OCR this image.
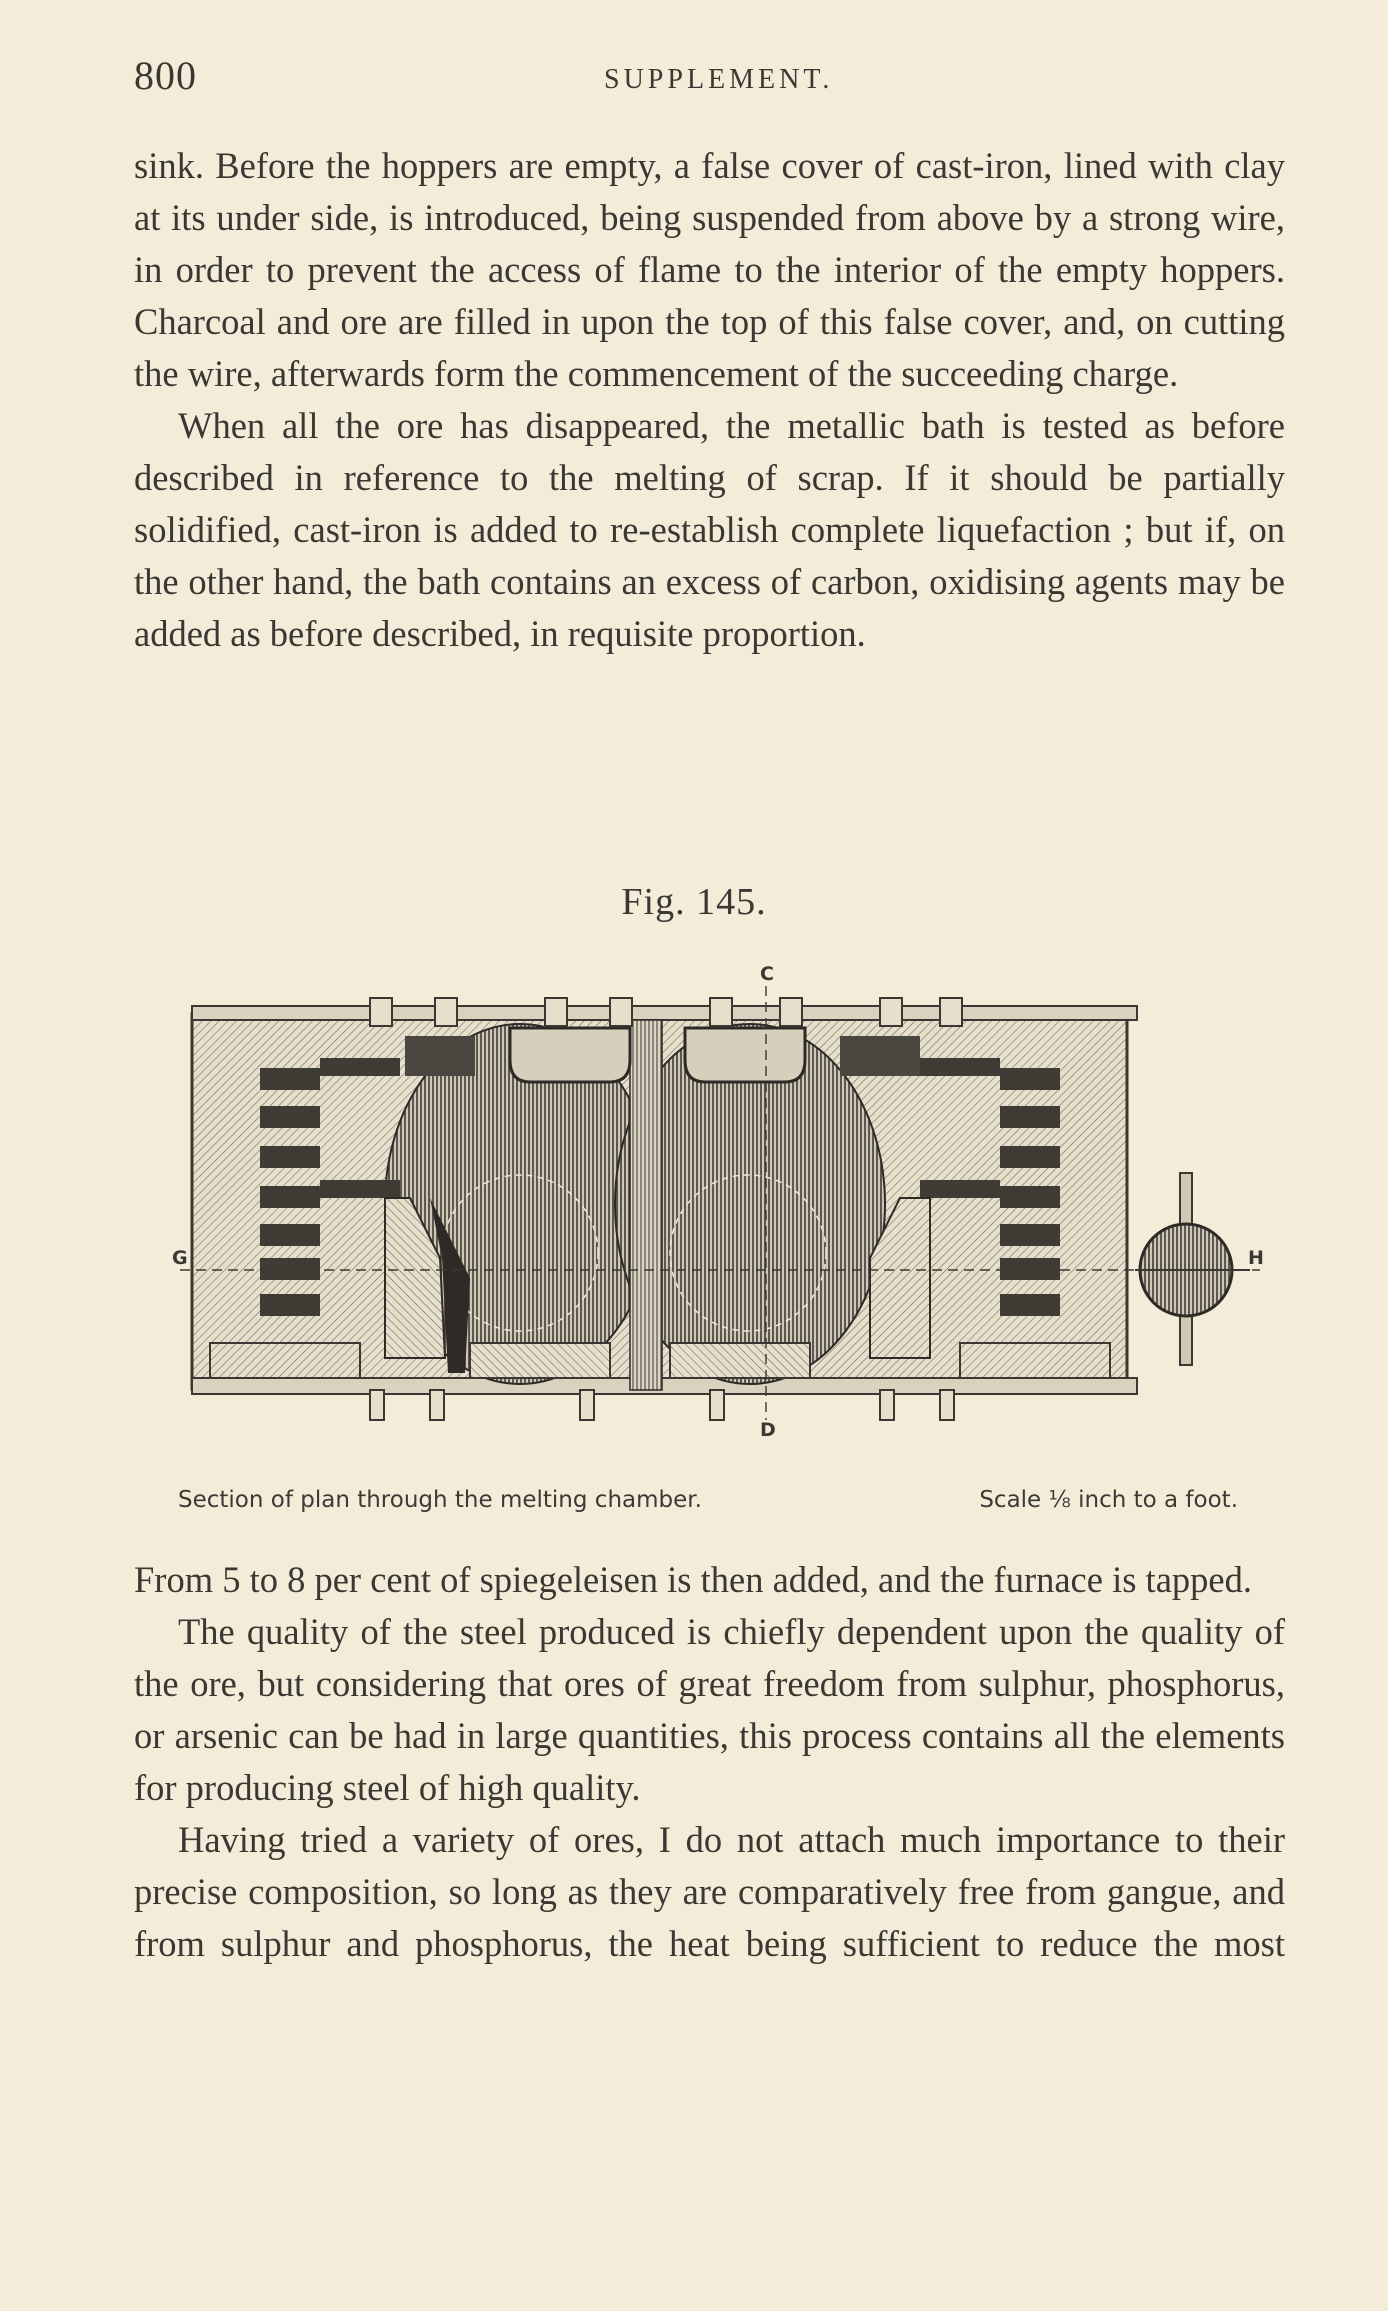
800	SUPPLEMENT.

sink. Before the hoppers are empty, a false cover of cast-iron, lined with clay at its under side, is introduced, being suspended from above by a strong wire, in order to prevent the access of flame to the interior of the empty hoppers. Charcoal and ore are filled in upon the top of this false cover, and, on cutting the wire, afterwards form the commencement of the succeeding charge.

When all the ore has disappeared, the metallic bath is tested as before described in reference to the melting of scrap. If it should be partially solidified, cast-iron is added to re-establish complete liquefaction ; but if, on the other hand, the bath contains an excess of carbon, oxidising agents may be added as before described, in requisite proportion.

Fig. 145.
C
D
G	H
Section of plan through the melting chamber.	Scale ⅛ inch to a foot.

From 5 to 8 per cent of spiegeleisen is then added, and the furnace is tapped.

The quality of the steel produced is chiefly dependent upon the quality of the ore, but considering that ores of great freedom from sulphur, phosphorus, or arsenic can be had in large quantities, this process contains all the elements for producing steel of high quality.

Having tried a variety of ores, I do not attach much importance to their precise composition, so long as they are comparatively free from gangue, and from sulphur and phosphorus, the heat being sufficient to reduce the most
